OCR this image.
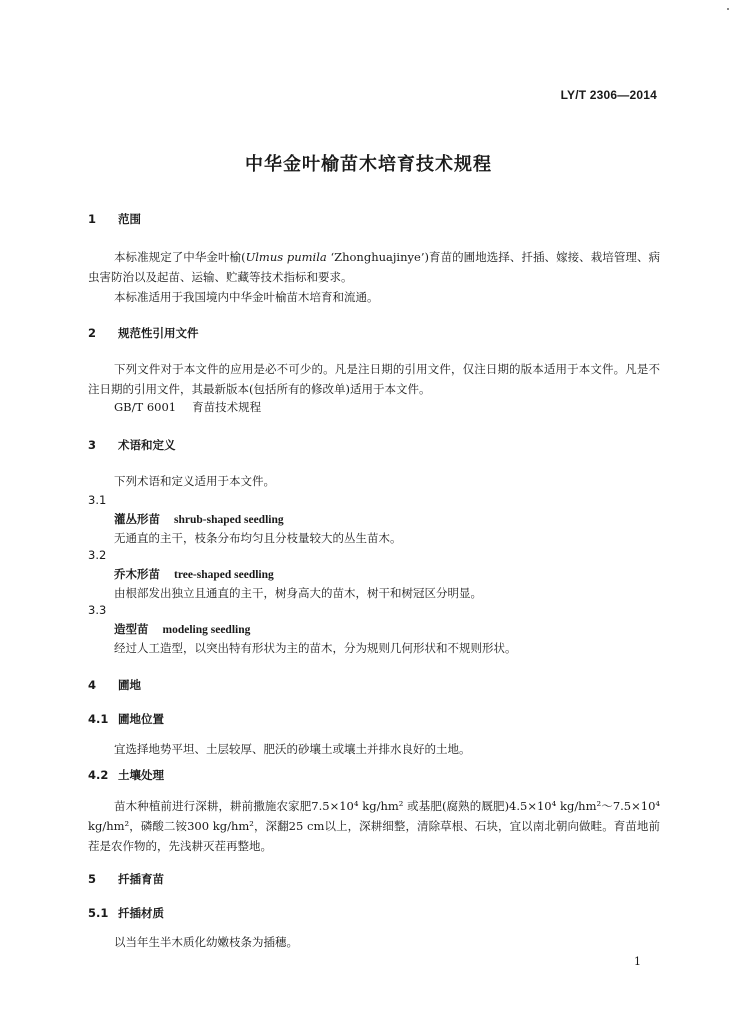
LY/T 2306—2014
中华金叶榆苗木培育技术规程
1 范围
本标准规定了中华金叶榆(Ulmus pumila ‘Zhonghuajinye’)育苗的圃地选择、扦插、嫁接、栽培管理、病虫害防治以及起苗、运输、贮藏等技术指标和要求。
本标准适用于我国境内中华金叶榆苗木培育和流通。
2 规范性引用文件
下列文件对于本文件的应用是必不可少的。凡是注日期的引用文件，仅注日期的版本适用于本文件。凡是不注日期的引用文件，其最新版本(包括所有的修改单)适用于本文件。
GB/T 6001 育苗技术规程
3 术语和定义
下列术语和定义适用于本文件。
3.1
灌丛形苗 shrub-shaped seedling
无通直的主干，枝条分布均匀且分枝量较大的丛生苗木。
3.2
乔木形苗 tree-shaped seedling
由根部发出独立且通直的主干，树身高大的苗木，树干和树冠区分明显。
3.3
造型苗 modeling seedling
经过人工造型，以突出特有形状为主的苗木，分为规则几何形状和不规则形状。
4 圃地
4.1 圃地位置
宜选择地势平坦、土层较厚、肥沃的砂壤土或壤土并排水良好的土地。
4.2 土壤处理
苗木种植前进行深耕，耕前撒施农家肥7.5×10⁴ kg/hm² 或基肥(腐熟的厩肥)4.5×10⁴ kg/hm²～7.5×10⁴ kg/hm²，磷酸二铵300 kg/hm²，深翻25 cm以上，深耕细整，清除草根、石块，宜以南北朝向做畦。育苗地前茬是农作物的，先浅耕灭茬再整地。
5 扦插育苗
5.1 扦插材质
以当年生半木质化幼嫩枝条为插穗。
1
